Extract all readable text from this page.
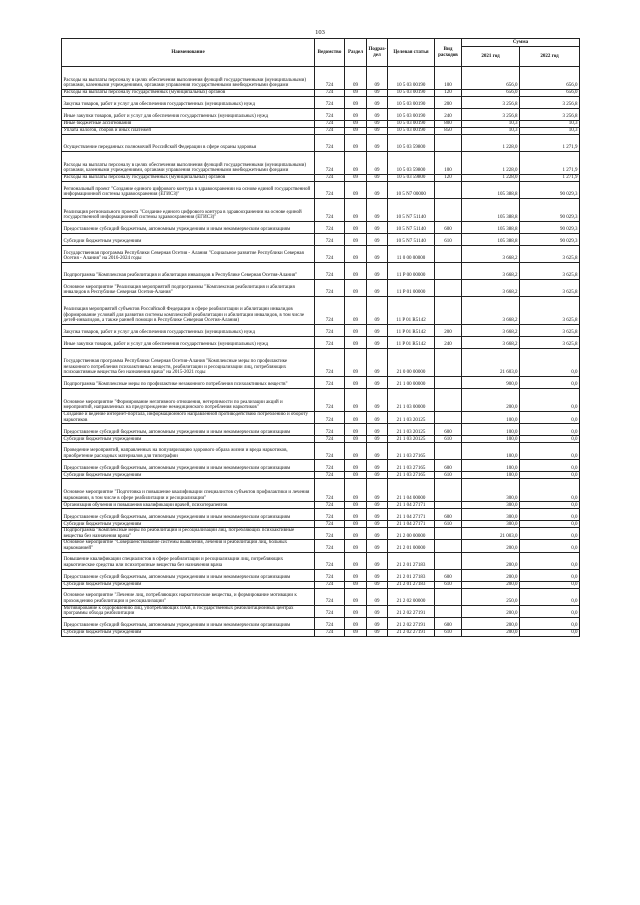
103
Наименование	Ведомство	Раздел	Подраз-дел	Целевая статья	Вид расходов	Сумма	
						2021 год	2022 год
Расходы на выплаты персоналу в целях обеспечения выполнения функций государственными (муниципальными) органами, казенными учреждениями, органами управления государственными внебюджетными фондами	724	09	09	10 5 03 00190	100	656,0	656,0
Расходы на выплаты персоналу государственных (муниципальных) органов	724	09	09	10 5 03 00190	120	656,0	656,0
Закупка товаров, работ и услуг для обеспечения государственных (муниципальных) нужд	724	09	09	10 5 03 00190	200	3 256,8	3 256,8
Иные закупки товаров, работ и услуг для обеспечения государственных (муниципальных) нужд	724	09	09	10 5 03 00190	240	3 256,8	3 256,8
Иные бюджетные ассигнования	724	09	09	10 5 03 00190	800	10,3	10,3
Уплата налогов, сборов и иных платежей	724	09	09	10 5 03 00190	850	10,3	10,3
Осуществление переданных полномочий Российской Федерации в сфере охраны здоровья	724	09	09	10 5 03 59800		1 228,0	1 271,9
Расходы на выплаты персоналу в целях обеспечения выполнения функций государственными (муниципальными) органами, казенными учреждениями, органами управления государственными внебюджетными фондами	724	09	09	10 5 03 59800	100	1 228,0	1 271,9
Расходы на выплаты персоналу государственных (муниципальных) органов	724	09	09	10 5 03 59800	120	1 228,0	1 271,9
Региональный проект "Создание единого цифрового контура в здравоохранении на основе единой государственной информационной системы здравоохранения (ЕГИСЗ)"	724	09	09	10 5 N7 00000		105 388,8	90 029,3
Реализация регионального проекта "Создание единого цифрового контура в здравоохранении на основе единой государственной информационной системы здравоохранения (ЕГИСЗ)"	724	09	09	10 5 N7 51140		105 388,8	90 029,3
Предоставление субсидий бюджетным, автономным учреждениям и иным некоммерческим организациям	724	09	09	10 5 N7 51140	600	105 388,8	90 029,3
Субсидии бюджетным учреждениям	724	09	09	10 5 N7 51140	610	105 388,8	90 029,3
Государственная программа Республики Северная Осетия - Алания "Социальное развитие Республики Северная Осетия - Алания" на 2016-2024 годы	724	09	09	11 0 00 00000		3 668,2	3 625,8
Подпрограмма "Комплексная реабилитация и абилитация инвалидов в Республике Северная Осетия-Алания"	724	09	09	11 P 00 00000		3 668,2	3 625,8
Основное мероприятие "Реализация мероприятий подпрограммы "Комплексная реабилитация и абилитация инвалидов в Республике Северная Осетия-Алания"	724	09	09	11 P 01 00000		3 668,2	3 625,8
Реализация мероприятий субъектов Российской Федерации в сфере реабилитации и абилитации инвалидов (формирование условий для развития системы комплексной реабилитации и абилитации инвалидов, в том числе детей-инвалидов, а также ранней помощи в Республике Северная Осетия-Алания)	724	09	09	11 P 01 R5142		3 668,2	3 625,8
Закупка товаров, работ и услуг для обеспечения государственных (муниципальных) нужд	724	09	09	11 P 01 R5142	200	3 668,2	3 625,8
Иные закупки товаров, работ и услуг для обеспечения государственных (муниципальных) нужд	724	09	09	11 P 01 R5142	240	3 668,2	3 625,8
Государственная программа Республики Северная Осетия-Алания "Комплексные меры по профилактике незаконного потребления психоактивных веществ, реабилитации и ресоциализации лиц, потребляющих психоактивные вещества без назначения врача" на 2015-2021 годы	724	09	09	21 0 00 00000		21 603,0	0,0
Подпрограмма "Комплексные меры по профилактике незаконного потребления психоактивных веществ"	724	09	09	21 1 00 00000		900,0	0,0
Основное мероприятие "Формирование негативного отношения, нетерпимости по реализации акций и мероприятий, направленных на предупреждение немедицинского потребления наркотиков"	724	09	09	21 1 03 00000		200,0	0,0
Создание и ведение интернет-портала, информационного направленной противодействию потреблению и обороту наркотиков	724	09	09	21 1 03 20125		100,0	0,0
Предоставление субсидий бюджетным, автономным учреждениям и иным некоммерческим организациям	724	09	09	21 1 03 20125	600	100,0	0,0
Субсидии бюджетным учреждениям	724	09	09	21 1 03 20125	610	100,0	0,0
Проведение мероприятий, направленных на популяризацию здорового образа жизни и вреда наркотиков, приобретение расходных материалов для типографии	724	09	09	21 1 03 27165		100,0	0,0
Предоставление субсидий бюджетным, автономным учреждениям и иным некоммерческим организациям	724	09	09	21 1 03 27165	600	100,0	0,0
Субсидии бюджетным учреждениям	724	09	09	21 1 03 27165	610	100,0	0,0
Основное мероприятие "Подготовка и повышение квалификации специалистов субъектов профилактики и лечения наркомании, в том числе в сфере реабилитации и ресоциализации"	724	09	09	21 1 04 00000		300,0	0,0
Организация обучения и повышения квалификации врачей, психотерапевтов	724	09	09	21 1 04 27171		300,0	0,0
Предоставление субсидий бюджетным, автономным учреждениям и иным некоммерческим организациям	724	09	09	21 1 04 27171	600	300,0	0,0
Субсидии бюджетным учреждениям	724	09	09	21 1 04 27171	610	300,0	0,0
Подпрограмма "Комплексные меры по реабилитации и ресоциализации лиц, потребляющих психоактивные вещества без назначения врача"	724	09	09	21 2 00 00000		21 003,0	0,0
Основное мероприятие "Совершенствование системы выявления, лечения и реабилитации лиц, больных наркоманией"	724	09	09	21 2 01 00000		200,0	0,0
Повышение квалификации специалистов в сфере реабилитации и ресоциализации лиц, потребляющих наркотические средства или психотропные вещества без назначения врача	724	09	09	21 2 01 27183		200,0	0,0
Предоставление субсидий бюджетным, автономным учреждениям и иным некоммерческим организациям	724	09	09	21 2 01 27183	600	200,0	0,0
Субсидии бюджетным учреждениям	724	09	09	21 2 01 27183	610	200,0	0,0
Основное мероприятие "Лечение лиц, потребляющих наркотические вещества, и формирование мотивации к прохождению реабилитации и ресоциализации"	724	09	09	21 2 02 00000		250,0	0,0
Мотивирование к оздоровлению лиц, употребляющих ПАВ, в государственных реабилитационных центрах программы обхода реабилитации	724	09	09	21 2 02 27191		200,0	0,0
Предоставление субсидий бюджетным, автономным учреждениям и иным некоммерческим организациям	724	09	09	21 2 02 27191	600	200,0	0,0
Субсидии бюджетным учреждениям	724	09	09	21 2 02 27191	610	200,0	0,0
